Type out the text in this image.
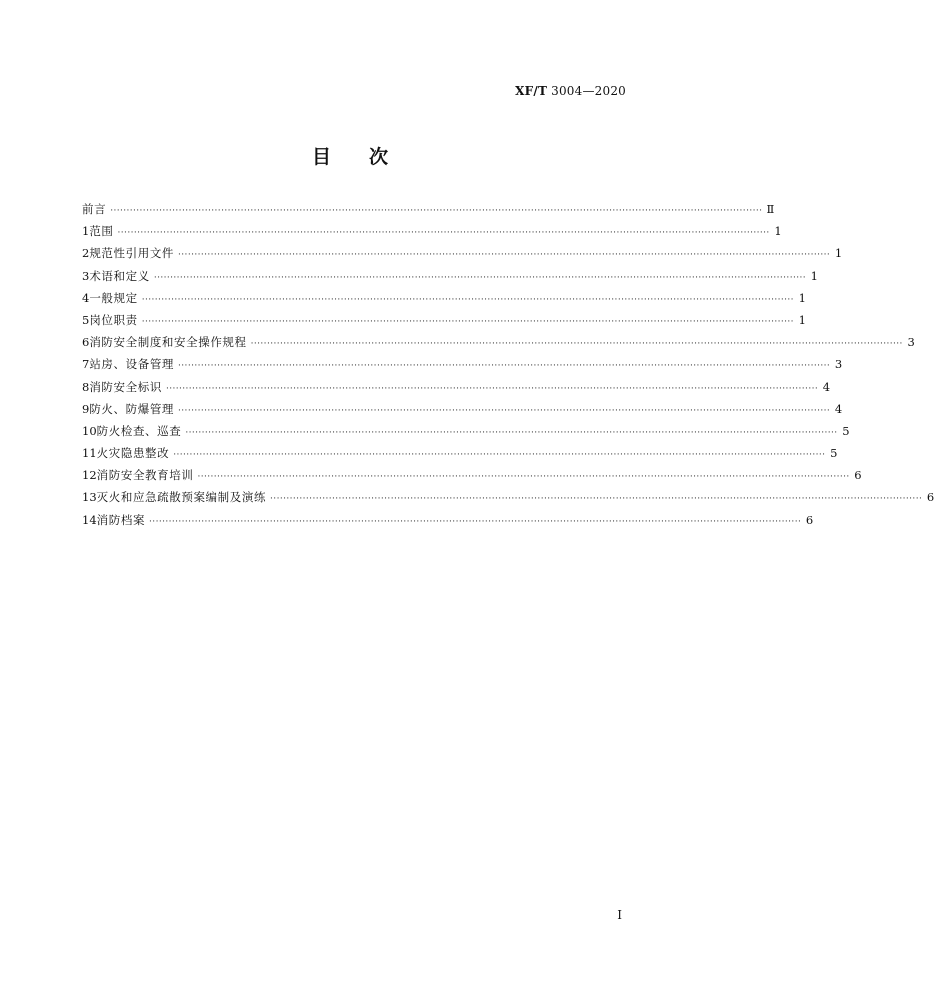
XF/T 3004—2020
目 次
前言 ········································································································································································································ Ⅱ
1 范围 ········································································································································································································ 1
2 规范性引用文件 ········································································································································································································ 1
3 术语和定义 ········································································································································································································ 1
4 一般规定 ········································································································································································································ 1
5 岗位职责 ········································································································································································································ 1
6 消防安全制度和安全操作规程 ········································································································································································································ 3
7 站房、设备管理 ········································································································································································································ 3
8 消防安全标识 ········································································································································································································ 4
9 防火、防爆管理 ········································································································································································································ 4
10 防火检查、巡查 ········································································································································································································ 5
11 火灾隐患整改 ········································································································································································································ 5
12 消防安全教育培训 ········································································································································································································ 6
13 灭火和应急疏散预案编制及演练 ········································································································································································································ 6
14 消防档案 ········································································································································································································ 6
I
